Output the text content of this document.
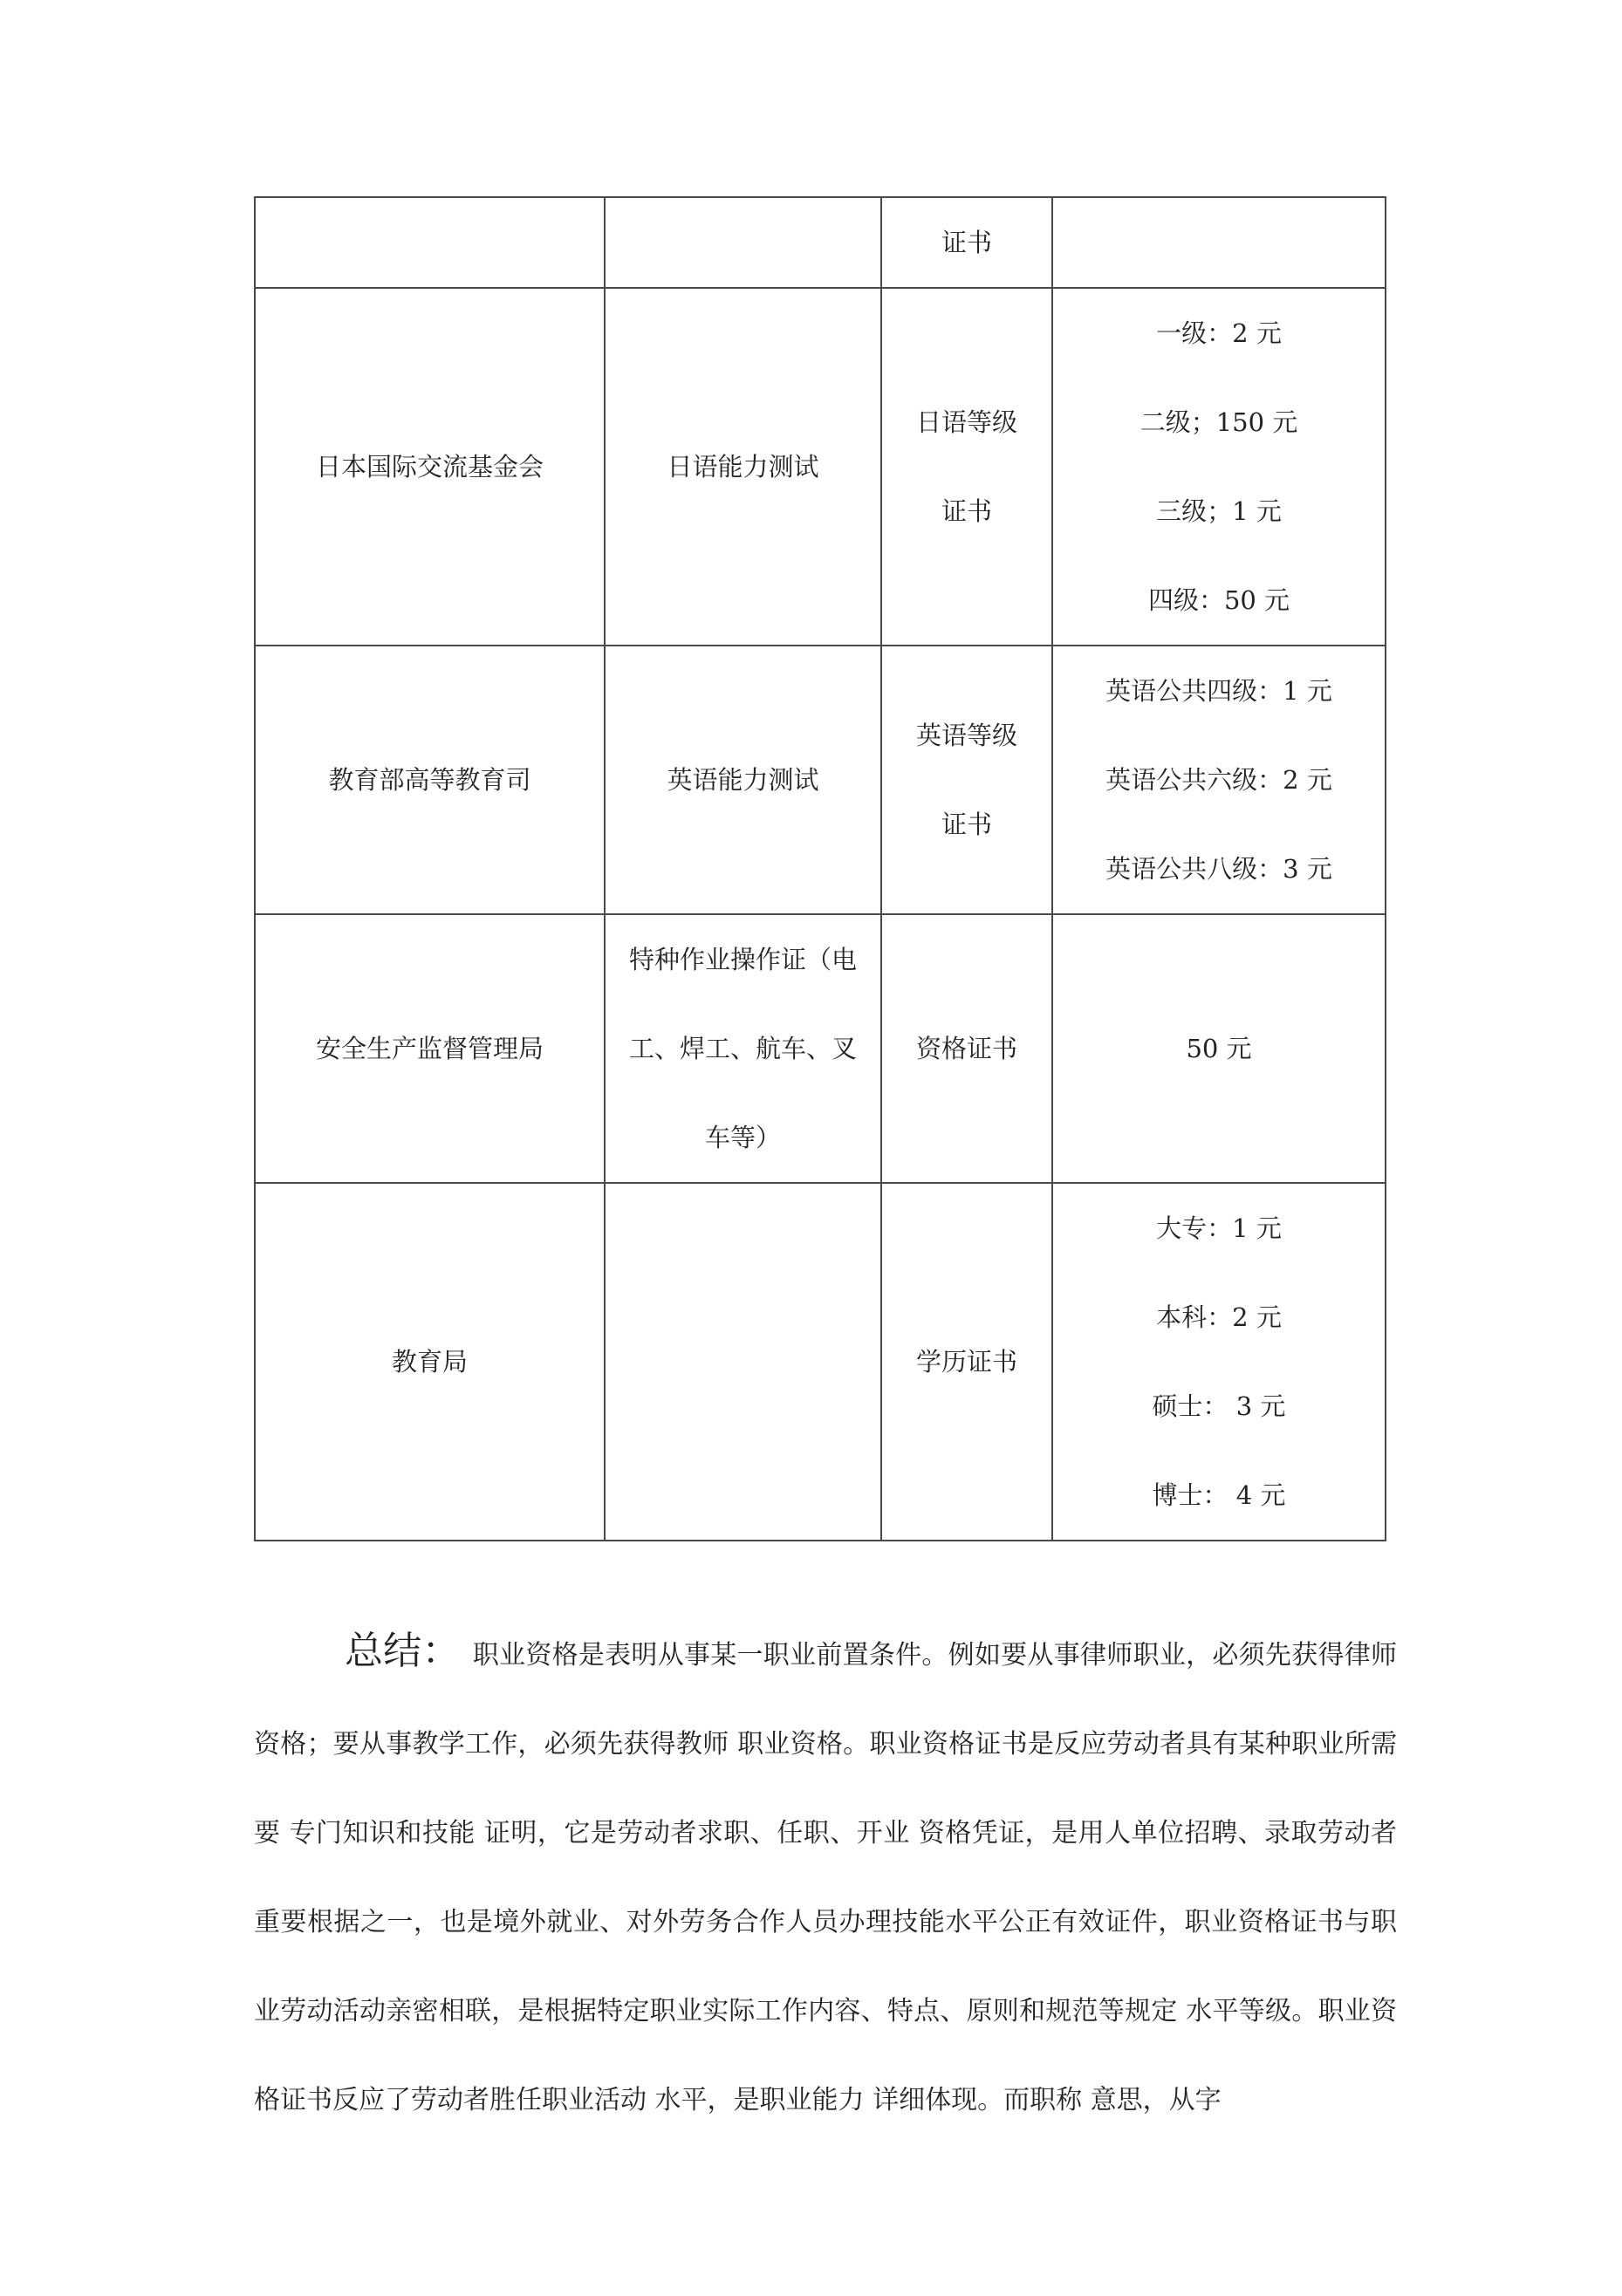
		证书	

日本国际交流基金会	日语能力测试	日语等级
证书	一级：2 元
二级；150 元
三级；1 元
四级：50 元

教育部高等教育司	英语能力测试	英语等级
证书	英语公共四级：1 元
英语公共六级：2 元
英语公共八级：3 元

安全生产监督管理局	特种作业操作证（电
工、焊工、航车、叉
车等）	资格证书	50 元

教育局		学历证书	大专：1 元
本科：2 元
硕士： 3 元
博士： 4 元

总结： 职业资格是表明从事某一职业前置条件。例如要从事律师职业，必须先获得律师资格；要从事教学工作，必须先获得教师 职业资格。职业资格证书是反应劳动者具有某种职业所需要 专门知识和技能 证明，它是劳动者求职、任职、开业 资格凭证，是用人单位招聘、录取劳动者 重要根据之一，也是境外就业、对外劳务合作人员办理技能水平公正有效证件，职业资格证书与职业劳动活动亲密相联，是根据特定职业实际工作内容、特点、原则和规范等规定 水平等级。职业资格证书反应了劳动者胜任职业活动 水平，是职业能力 详细体现。而职称 意思，从字
